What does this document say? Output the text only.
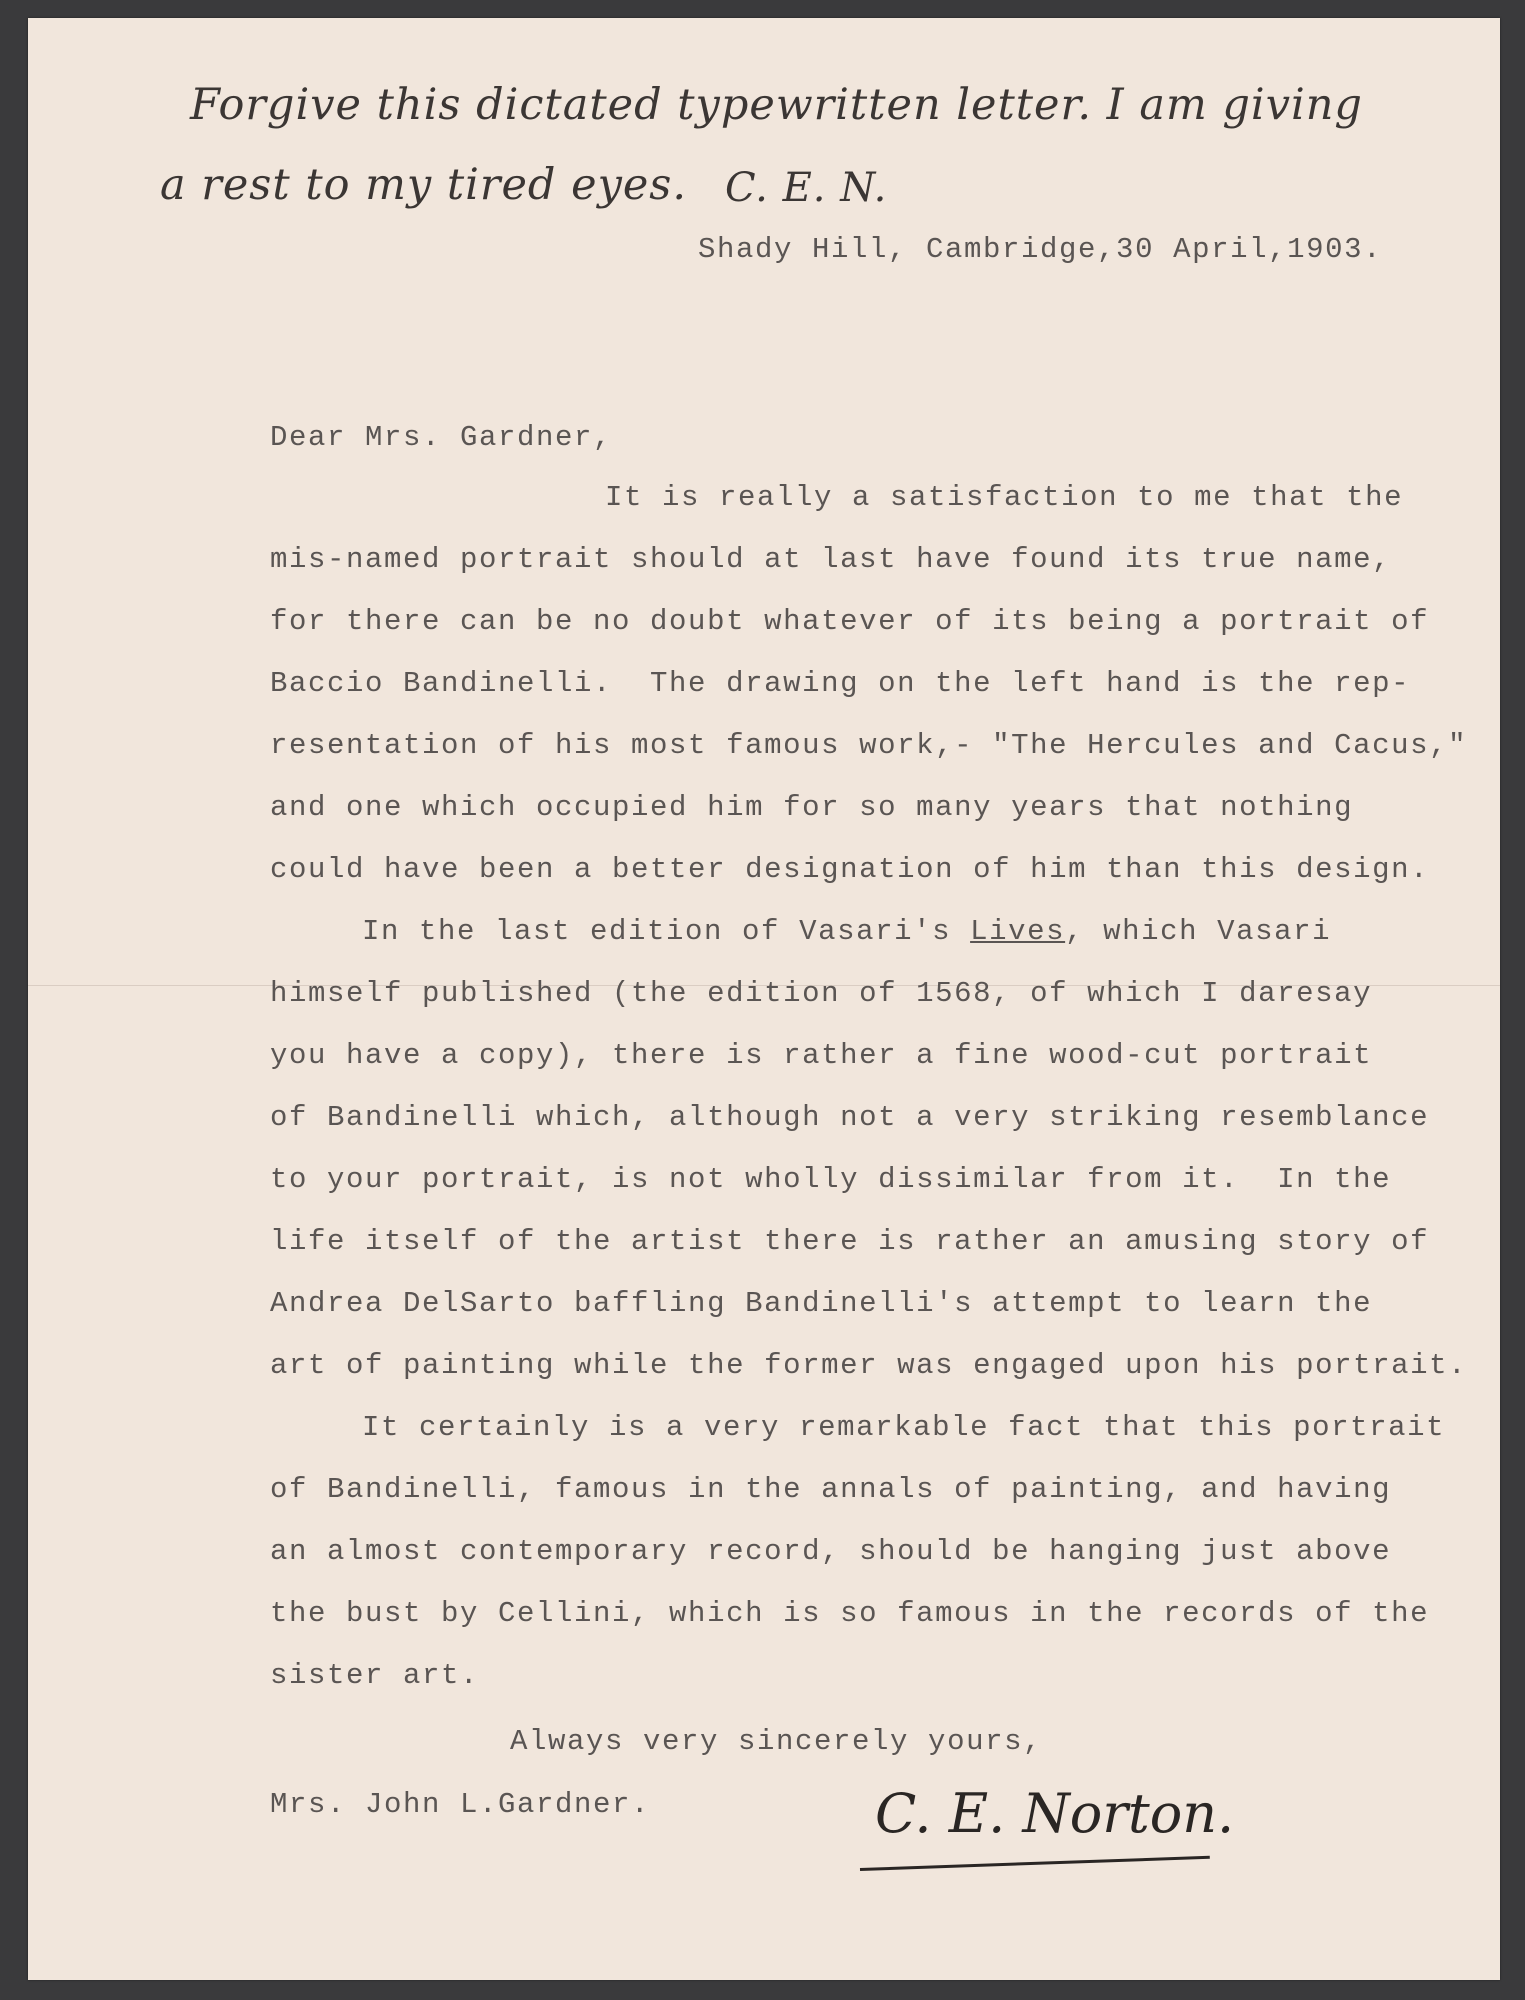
Forgive this dictated typewritten letter. I am giving
a rest to my tired eyes. C. E. N.
Shady Hill, Cambridge,30 April,1903.
Dear Mrs. Gardner,
It is really a satisfaction to me that the
mis-named portrait should at last have found its true name,
for there can be no doubt whatever of its being a portrait of
Baccio Bandinelli.  The drawing on the left hand is the rep-
resentation of his most famous work,- "The Hercules and Cacus,"
and one which occupied him for so many years that nothing
could have been a better designation of him than this design.
In the last edition of Vasari's Lives, which Vasari
himself published (the edition of 1568, of which I daresay
you have a copy), there is rather a fine wood-cut portrait
of Bandinelli which, although not a very striking resemblance
to your portrait, is not wholly dissimilar from it.  In the
life itself of the artist there is rather an amusing story of
Andrea DelSarto baffling Bandinelli's attempt to learn the
art of painting while the former was engaged upon his portrait.
It certainly is a very remarkable fact that this portrait
of Bandinelli, famous in the annals of painting, and having
an almost contemporary record, should be hanging just above
the bust by Cellini, which is so famous in the records of the
sister art.
Always very sincerely yours,
Mrs. John L.Gardner.	C. E. Norton.
